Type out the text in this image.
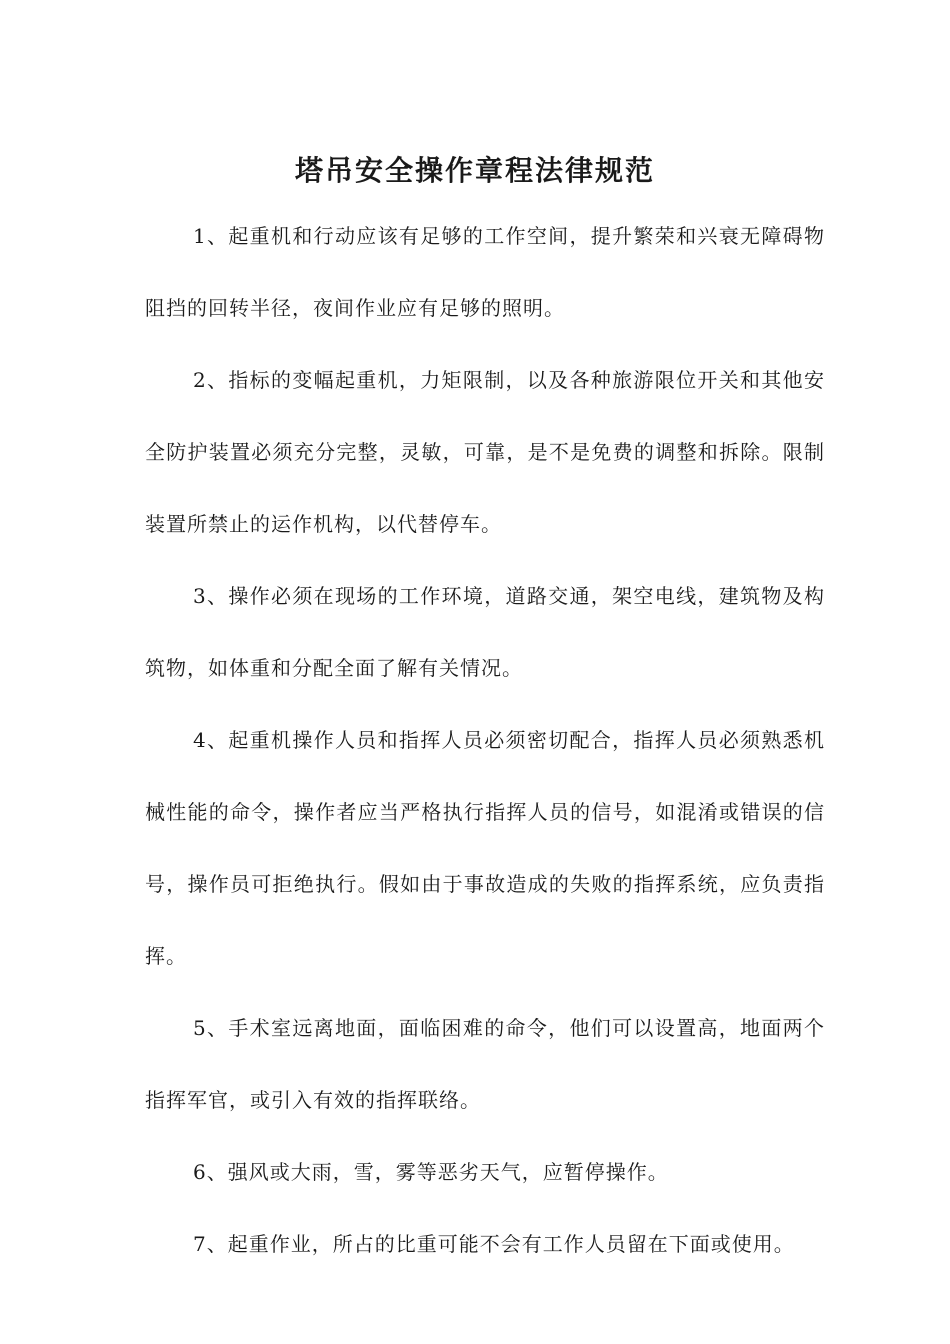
塔吊安全操作章程法律规范

1、起重机和行动应该有足够的工作空间，提升繁荣和兴衰无障碍物阻挡的回转半径，夜间作业应有足够的照明。

2、指标的变幅起重机，力矩限制，以及各种旅游限位开关和其他安全防护装置必须充分完整，灵敏，可靠，是不是免费的调整和拆除。限制装置所禁止的运作机构，以代替停车。

3、操作必须在现场的工作环境，道路交通，架空电线，建筑物及构筑物，如体重和分配全面了解有关情况。

4、起重机操作人员和指挥人员必须密切配合，指挥人员必须熟悉机械性能的命令，操作者应当严格执行指挥人员的信号，如混淆或错误的信号，操作员可拒绝执行。假如由于事故造成的失败的指挥系统，应负责指挥。

5、手术室远离地面，面临困难的命令，他们可以设置高，地面两个指挥军官，或引入有效的指挥联络。

6、强风或大雨，雪，雾等恶劣天气，应暂停操作。

7、起重作业，所占的比重可能不会有工作人员留在下面或使用。
